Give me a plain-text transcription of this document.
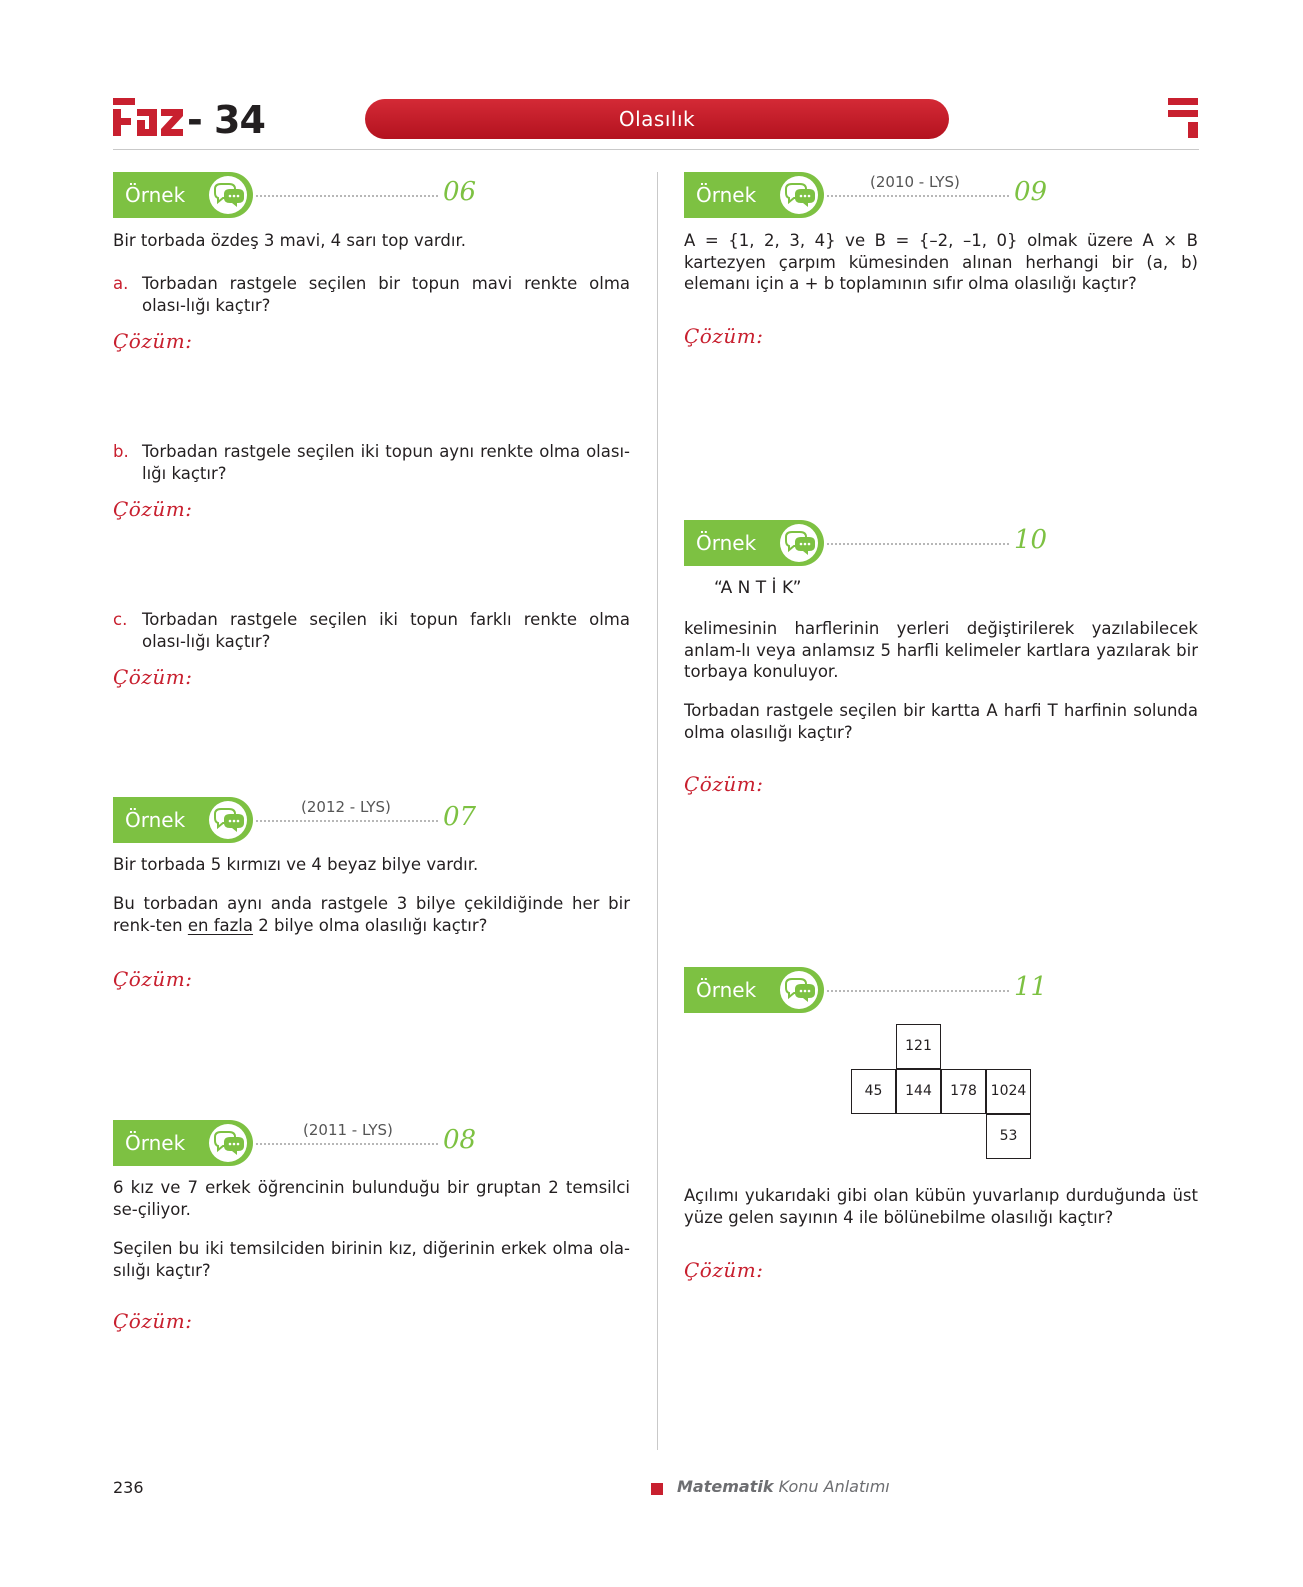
- 34	Olasılık
Örnek	06
Bir torbada özdeş 3 mavi, 4 sarı top vardır.
a. Torbadan rastgele seçilen bir topun mavi renkte olma olası-lığı kaçtır?
Çözüm:
b. Torbadan rastgele seçilen iki topun aynı renkte olma olası-lığı kaçtır?
Çözüm:
c. Torbadan rastgele seçilen iki topun farklı renkte olma olası-lığı kaçtır?
Çözüm:
Örnek
(2012 - LYS) 07
Bir torbada 5 kırmızı ve 4 beyaz bilye vardır.
Bu torbadan aynı anda rastgele 3 bilye çekildiğinde her bir renk-ten en fazla 2 bilye olma olasılığı kaçtır?
Çözüm:
Örnek
(2011 - LYS) 08
6 kız ve 7 erkek öğrencinin bulunduğu bir gruptan 2 temsilci se-çiliyor.
Seçilen bu iki temsilciden birinin kız, diğerinin erkek olma ola-sılığı kaçtır?
Çözüm:
Örnek
(2010 - LYS) 09
A = {1, 2, 3, 4} ve B = {–2, –1, 0} olmak üzere A × B kartezyen çarpım kümesinden alınan herhangi bir (a, b) elemanı için a + b toplamının sıfır olma olasılığı kaçtır?
Çözüm:
Örnek	10
“A N T İ K”
kelimesinin harflerinin yerleri değiştirilerek yazılabilecek anlam-lı veya anlamsız 5 harfli kelimeler kartlara yazılarak bir torbaya konuluyor.
Torbadan rastgele seçilen bir kartta A harfi T harfinin solunda olma olasılığı kaçtır?
Çözüm:
Örnek	11
121
45	144	178 1024
53
Açılımı yukarıdaki gibi olan kübün yuvarlanıp durduğunda üst yüze gelen sayının 4 ile bölünebilme olasılığı kaçtır?
Çözüm:
236	Matematik Konu Anlatımı
